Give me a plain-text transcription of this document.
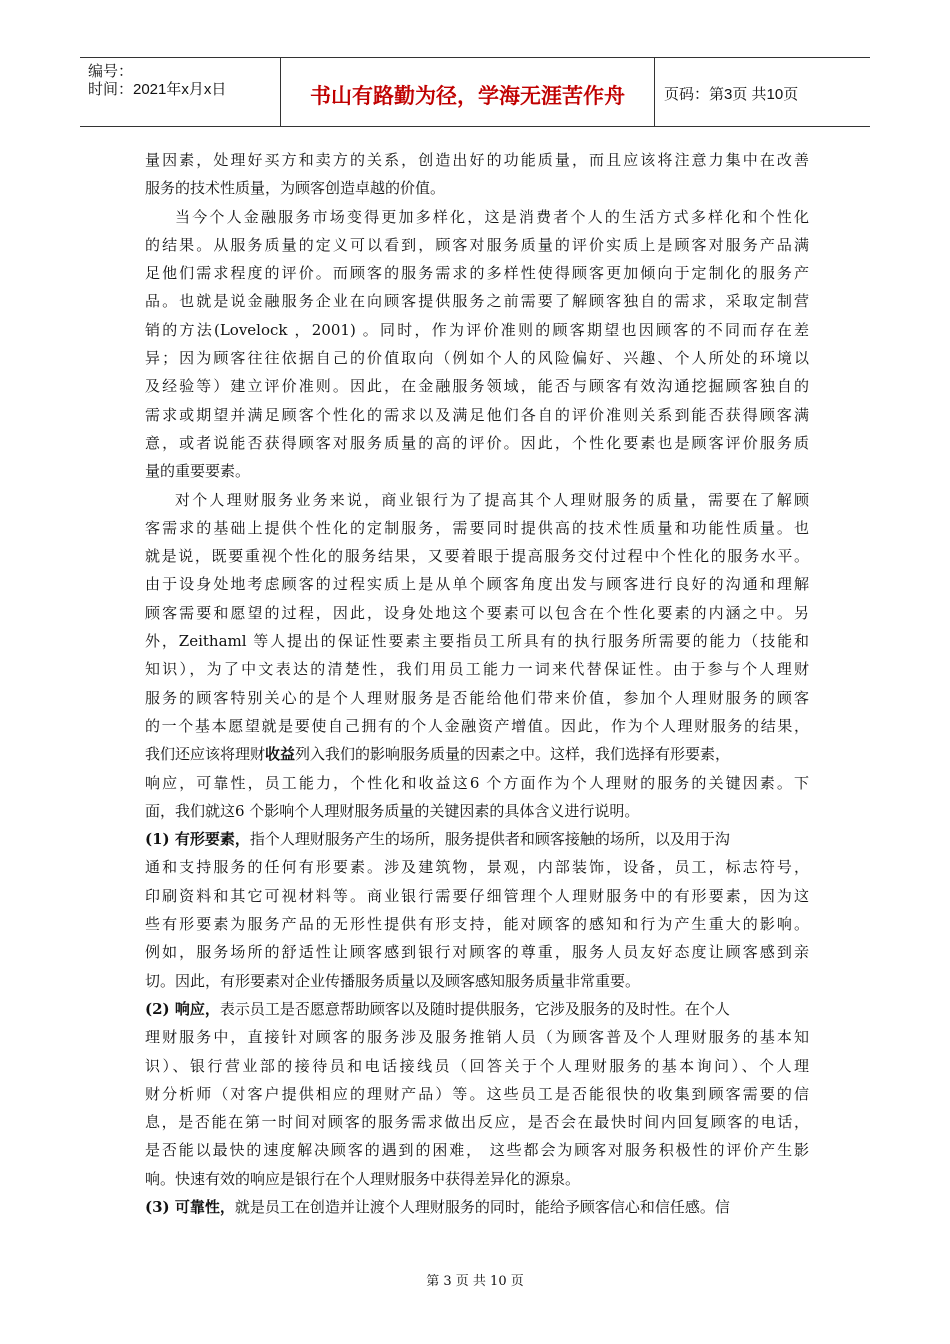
编号：
时间：2021年x月x日	书山有路勤为径，学海无涯苦作舟	页码：第3页 共10页
量因素，处理好买方和卖方的关系，创造出好的功能质量，而且应该将注意力集中在改善
服务的技术性质量，为顾客创造卓越的价值。
当今个人金融服务市场变得更加多样化，这是消费者个人的生活方式多样化和个性化
的结果。从服务质量的定义可以看到，顾客对服务质量的评价实质上是顾客对服务产品满
足他们需求程度的评价。而顾客的服务需求的多样性使得顾客更加倾向于定制化的服务产
品。也就是说金融服务企业在向顾客提供服务之前需要了解顾客独自的需求，采取定制营
销的方法(Lovelock ，2001) 。同时，作为评价准则的顾客期望也因顾客的不同而存在差
异；因为顾客往往依据自己的价值取向（例如个人的风险偏好、兴趣、个人所处的环境以
及经验等）建立评价准则。因此，在金融服务领域，能否与顾客有效沟通挖掘顾客独自的
需求或期望并满足顾客个性化的需求以及满足他们各自的评价准则关系到能否获得顾客满
意，或者说能否获得顾客对服务质量的高的评价。因此，个性化要素也是顾客评价服务质
量的重要要素。
对个人理财服务业务来说，商业银行为了提高其个人理财服务的质量，需要在了解顾
客需求的基础上提供个性化的定制服务，需要同时提供高的技术性质量和功能性质量。也
就是说，既要重视个性化的服务结果，又要着眼于提高服务交付过程中个性化的服务水平。
由于设身处地考虑顾客的过程实质上是从单个顾客角度出发与顾客进行良好的沟通和理解
顾客需要和愿望的过程，因此，设身处地这个要素可以包含在个性化要素的内涵之中。另
外，Zeithaml 等人提出的保证性要素主要指员工所具有的执行服务所需要的能力（技能和
知识），为了中文表达的清楚性，我们用员工能力一词来代替保证性。由于参与个人理财
服务的顾客特别关心的是个人理财服务是否能给他们带来价值，参加个人理财服务的顾客
的一个基本愿望就是要使自己拥有的个人金融资产增值。因此，作为个人理财服务的结果，
我们还应该将理财收益列入我们的影响服务质量的因素之中。这样，我们选择有形要素，
响应，可靠性，员工能力，个性化和收益这6 个方面作为个人理财的服务的关键因素。下
面，我们就这6 个影响个人理财服务质量的关键因素的具体含义进行说明。
(1) 有形要素，指个人理财服务产生的场所，服务提供者和顾客接触的场所，以及用于沟
通和支持服务的任何有形要素。涉及建筑物，景观，内部装饰，设备，员工，标志符号，
印刷资料和其它可视材料等。商业银行需要仔细管理个人理财服务中的有形要素，因为这
些有形要素为服务产品的无形性提供有形支持，能对顾客的感知和行为产生重大的影响。
例如，服务场所的舒适性让顾客感到银行对顾客的尊重，服务人员友好态度让顾客感到亲
切。因此，有形要素对企业传播服务质量以及顾客感知服务质量非常重要。
(2) 响应，表示员工是否愿意帮助顾客以及随时提供服务，它涉及服务的及时性。在个人
理财服务中，直接针对顾客的服务涉及服务推销人员（为顾客普及个人理财服务的基本知
识）、银行营业部的接待员和电话接线员（回答关于个人理财服务的基本询问）、个人理
财分析师（对客户提供相应的理财产品）等。这些员工是否能很快的收集到顾客需要的信
息，是否能在第一时间对顾客的服务需求做出反应，是否会在最快时间内回复顾客的电话，
是否能以最快的速度解决顾客的遇到的困难， 这些都会为顾客对服务积极性的评价产生影
响。快速有效的响应是银行在个人理财服务中获得差异化的源泉。
(3) 可靠性，就是员工在创造并让渡个人理财服务的同时，能给予顾客信心和信任感。信
第 3 页 共 10 页
